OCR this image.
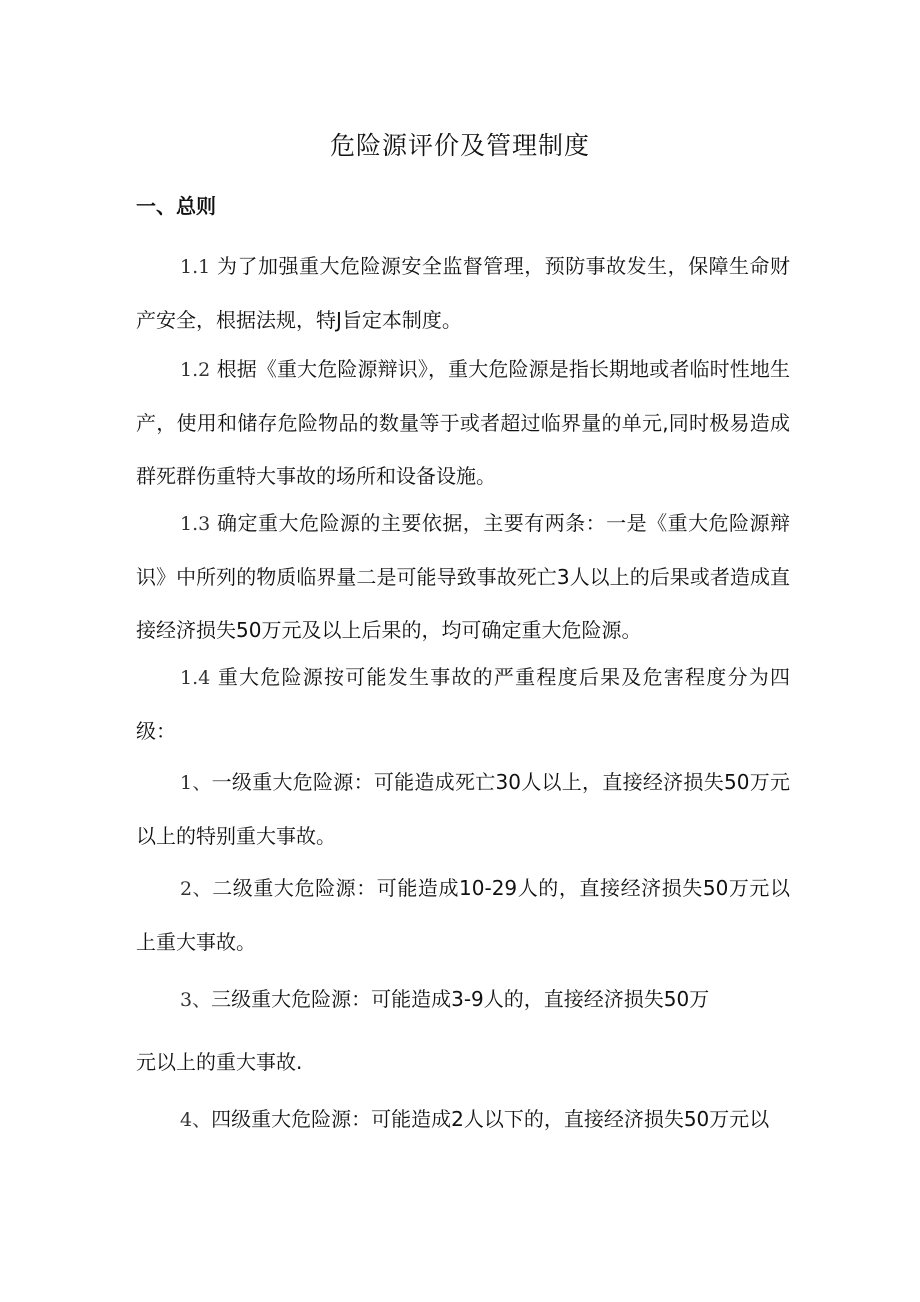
危险源评价及管理制度
一、总则

1.1 为了加强重大危险源安全监督管理，预防事故发生，保障生命财产安全，根据法规，特J旨定本制度。

1.2 根据《重大危险源辩识》，重大危险源是指长期地或者临时性地生产，使用和储存危险物品的数量等于或者超过临界量的单元,同时极易造成群死群伤重特大事故的场所和设备设施。

1.3 确定重大危险源的主要依据，主要有两条：一是《重大危险源辩识》中所列的物质临界量二是可能导致事故死亡3人以上的后果或者造成直接经济损失50万元及以上后果的，均可确定重大危险源。

1.4 重大危险源按可能发生事故的严重程度后果及危害程度分为四级：

1、一级重大危险源：可能造成死亡30人以上，直接经济损失50万元以上的特别重大事故。

2、二级重大危险源：可能造成10-29人的，直接经济损失50万元以上重大事故。

3、三级重大危险源：可能造成3-9人的，直接经济损失50万

元以上的重大事故.

4、四级重大危险源：可能造成2人以下的，直接经济损失50万元以
